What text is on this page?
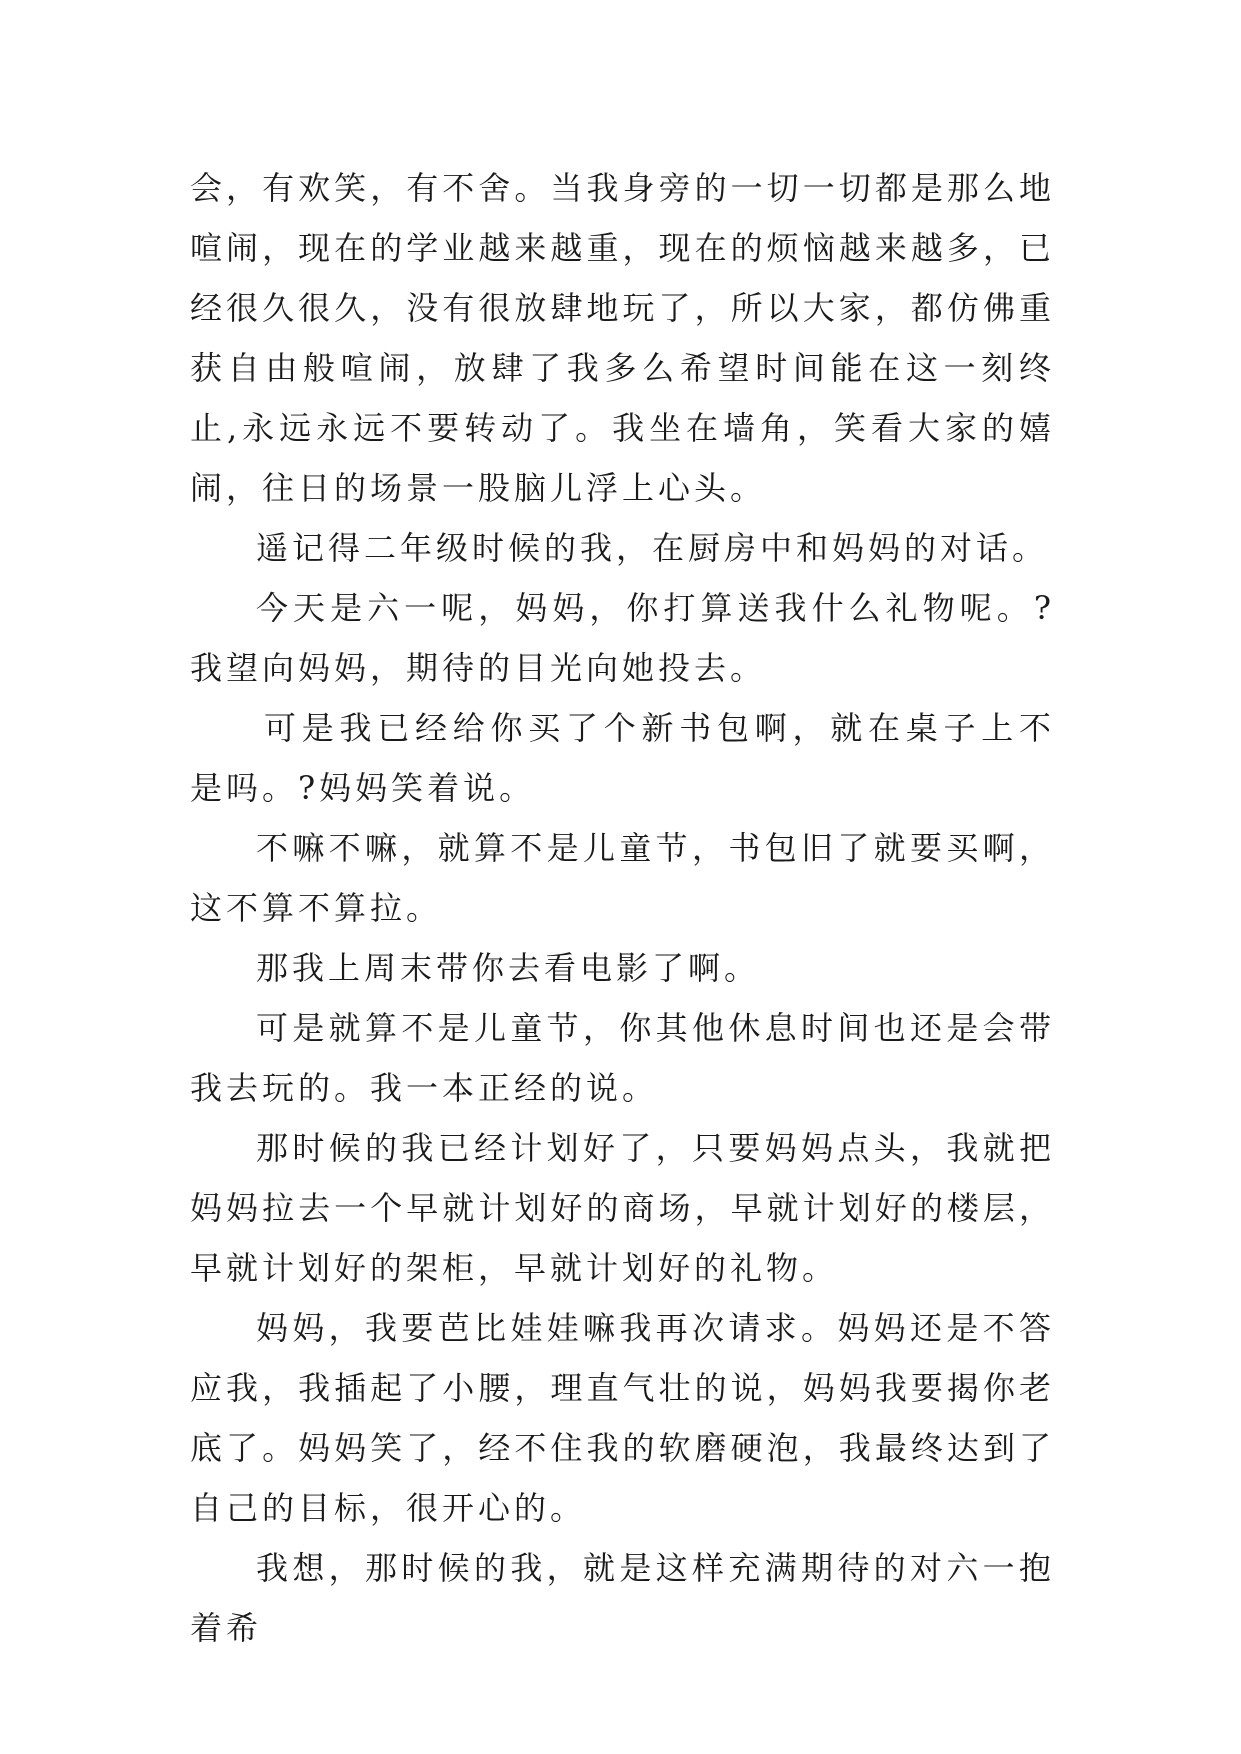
会，有欢笑，有不舍。当我身旁的一切一切都是那么地喧闹，现在的学业越来越重，现在的烦恼越来越多，已经很久很久，没有很放肆地玩了，所以大家，都仿佛重获自由般喧闹，放肆了我多么希望时间能在这一刻终止,永远永远不要转动了。我坐在墙角，笑看大家的嬉闹，往日的场景一股脑儿浮上心头。

遥记得二年级时候的我，在厨房中和妈妈的对话。

今天是六一呢，妈妈，你打算送我什么礼物呢。?我望向妈妈，期待的目光向她投去。

可是我已经给你买了个新书包啊，就在桌子上不是吗。?妈妈笑着说。

不嘛不嘛，就算不是儿童节，书包旧了就要买啊，这不算不算拉。

那我上周末带你去看电影了啊。

可是就算不是儿童节，你其他休息时间也还是会带我去玩的。我一本正经的说。

那时候的我已经计划好了，只要妈妈点头，我就把妈妈拉去一个早就计划好的商场，早就计划好的楼层，早就计划好的架柜，早就计划好的礼物。

妈妈，我要芭比娃娃嘛我再次请求。妈妈还是不答应我，我插起了小腰，理直气壮的说，妈妈我要揭你老底了。妈妈笑了，经不住我的软磨硬泡，我最终达到了自己的目标，很开心的。

我想，那时候的我，就是这样充满期待的对六一抱着希
